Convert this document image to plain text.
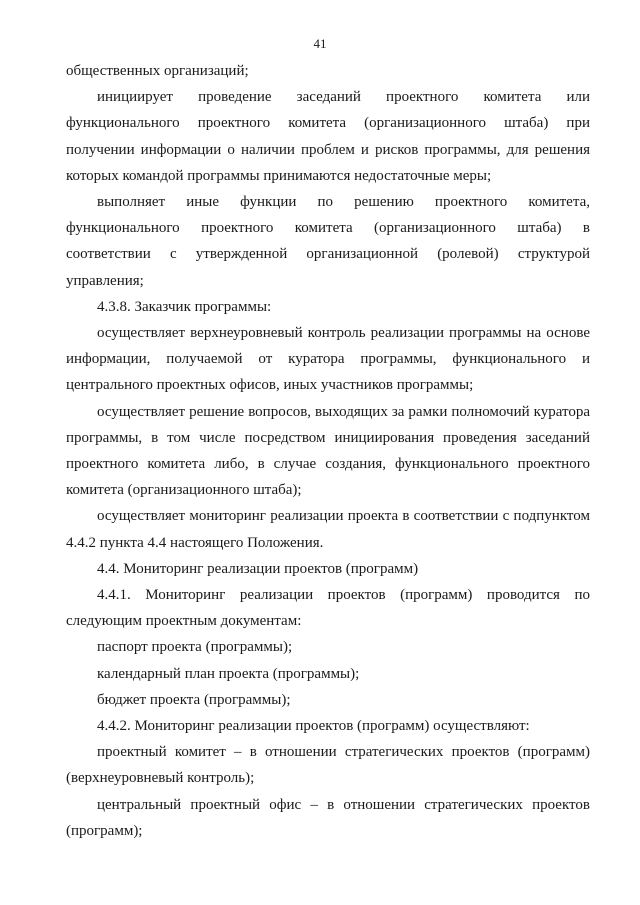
41

общественных организаций;

инициирует проведение заседаний проектного комитета или функционального проектного комитета (организационного штаба) при получении информации о наличии проблем и рисков программы, для решения которых командой программы принимаются недостаточные меры;

выполняет иные функции по решению проектного комитета, функционального проектного комитета (организационного штаба) в соответствии с утвержденной организационной (ролевой) структурой управления;

4.3.8. Заказчик программы:

осуществляет верхнеуровневый контроль реализации программы на основе информации, получаемой от куратора программы, функционального и центрального проектных офисов, иных участников программы;

осуществляет решение вопросов, выходящих за рамки полномочий куратора программы, в том числе посредством инициирования проведения заседаний проектного комитета либо, в случае создания, функционального проектного комитета (организационного штаба);

осуществляет мониторинг реализации проекта в соответствии с подпунктом 4.4.2 пункта 4.4 настоящего Положения.

4.4. Мониторинг реализации проектов (программ)

4.4.1. Мониторинг реализации проектов (программ) проводится по следующим проектным документам:

паспорт проекта (программы);

календарный план проекта (программы);

бюджет проекта (программы);

4.4.2. Мониторинг реализации проектов (программ) осуществляют:

проектный комитет – в отношении стратегических проектов (программ) (верхнеуровневый контроль);

центральный проектный офис – в отношении стратегических проектов (программ);
